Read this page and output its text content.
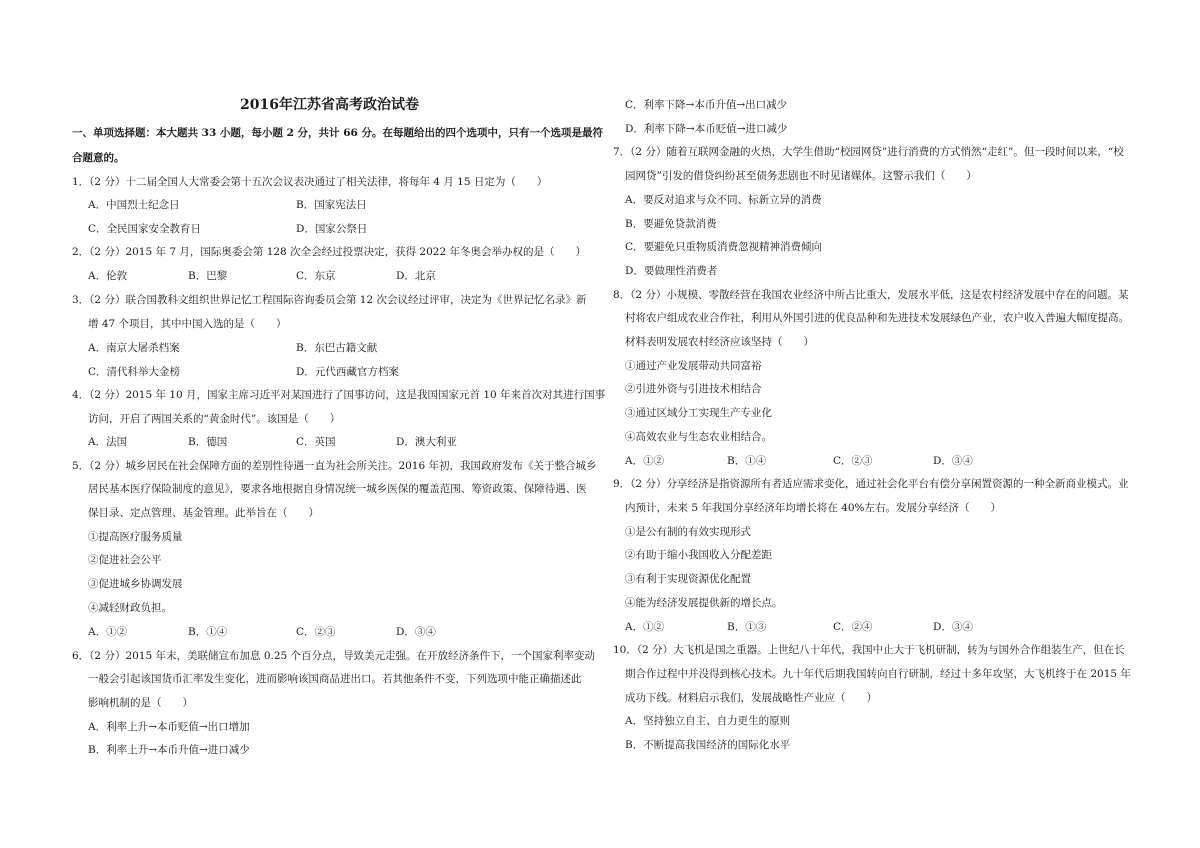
2016年江苏省高考政治试卷
一、单项选择题：本大题共 33 小题，每小题 2 分，共计 66 分。在每题给出的四个选项中，只有一个选项是最符
合题意的。
1．（2 分）十二届全国人大常委会第十五次会议表决通过了相关法律，将每年 4 月 15 日定为（　　）
A．中国烈士纪念日	B．国家宪法日
C．全民国家安全教育日	D．国家公祭日
2．（2 分）2015 年 7 月，国际奥委会第 128 次全会经过投票决定，获得 2022 年冬奥会举办权的是（　　）
A．伦敦	B．巴黎	C．东京	D．北京
3．（2 分）联合国教科文组织世界记忆工程国际咨询委员会第 12 次会议经过评审，决定为《世界记忆名录》新
增 47 个项目，其中中国入选的是（　　）
A．南京大屠杀档案	B．东巴古籍文献
C．清代科举大金榜	D．元代西藏官方档案
4．（2 分）2015 年 10 月，国家主席习近平对某国进行了国事访问，这是我国国家元首 10 年来首次对其进行国事
访问，开启了两国关系的“黄金时代”。该国是（　　）
A．法国	B．德国	C．英国	D．澳大利亚
5．（2 分）城乡居民在社会保障方面的差别性待遇一直为社会所关注。2016 年初，我国政府发布《关于整合城乡
居民基本医疗保险制度的意见》，要求各地根据自身情况统一城乡医保的覆盖范围、筹资政策、保障待遇、医
保目录、定点管理、基金管理。此举旨在（　　）
①提高医疗服务质量
②促进社会公平
③促进城乡协调发展
④减轻财政负担。
A．①②	B．①④	C．②③	D．③④
6．（2 分）2015 年末，美联储宣布加息 0.25 个百分点，导致美元走强。在开放经济条件下，一个国家利率变动
一般会引起该国货币汇率发生变化，进而影响该国商品进出口。若其他条件不变，下列选项中能正确描述此
影响机制的是（　　）
A．利率上升→本币贬值→出口增加
B．利率上升→本币升值→进口减少
C．利率下降→本币升值→出口减少
D．利率下降→本币贬值→进口减少
7．（2 分）随着互联网金融的火热，大学生借助“校园网贷”进行消费的方式悄然“走红”。但一段时间以来，“校
园网贷”引发的借贷纠纷甚至债务悲剧也不时见诸媒体。这警示我们（　　）
A．要反对追求与众不同、标新立异的消费
B．要避免贷款消费
C．要避免只重物质消费忽视精神消费倾向
D．要做理性消费者
8．（2 分）小规模、零散经营在我国农业经济中所占比重大，发展水平低，这是农村经济发展中存在的问题。某
村将农户组成农业合作社，利用从外国引进的优良品种和先进技术发展绿色产业，农户收入普遍大幅度提高。
材料表明发展农村经济应该坚持（　　）
①通过产业发展带动共同富裕
②引进外资与引进技术相结合
③通过区域分工实现生产专业化
④高效农业与生态农业相结合。
A．①②	B．①④	C．②③	D．③④
9．（2 分）分享经济是指资源所有者适应需求变化，通过社会化平台有偿分享闲置资源的一种全新商业模式。业
内预计，未来 5 年我国分享经济年均增长将在 40%左右。发展分享经济（　　）
①是公有制的有效实现形式
②有助于缩小我国收入分配差距
③有利于实现资源优化配置
④能为经济发展提供新的增长点。
A．①②	B．①③	C．②④	D．③④
10．（2 分）大飞机是国之重器。上世纪八十年代，我国中止大于飞机研制，转为与国外合作组装生产，但在长
期合作过程中并没得到核心技术。九十年代后期我国转向自行研制，经过十多年攻坚，大飞机终于在 2015 年
成功下线。材料启示我们，发展战略性产业应（　　）
A．坚持独立自主、自力更生的原则
B．不断提高我国经济的国际化水平
